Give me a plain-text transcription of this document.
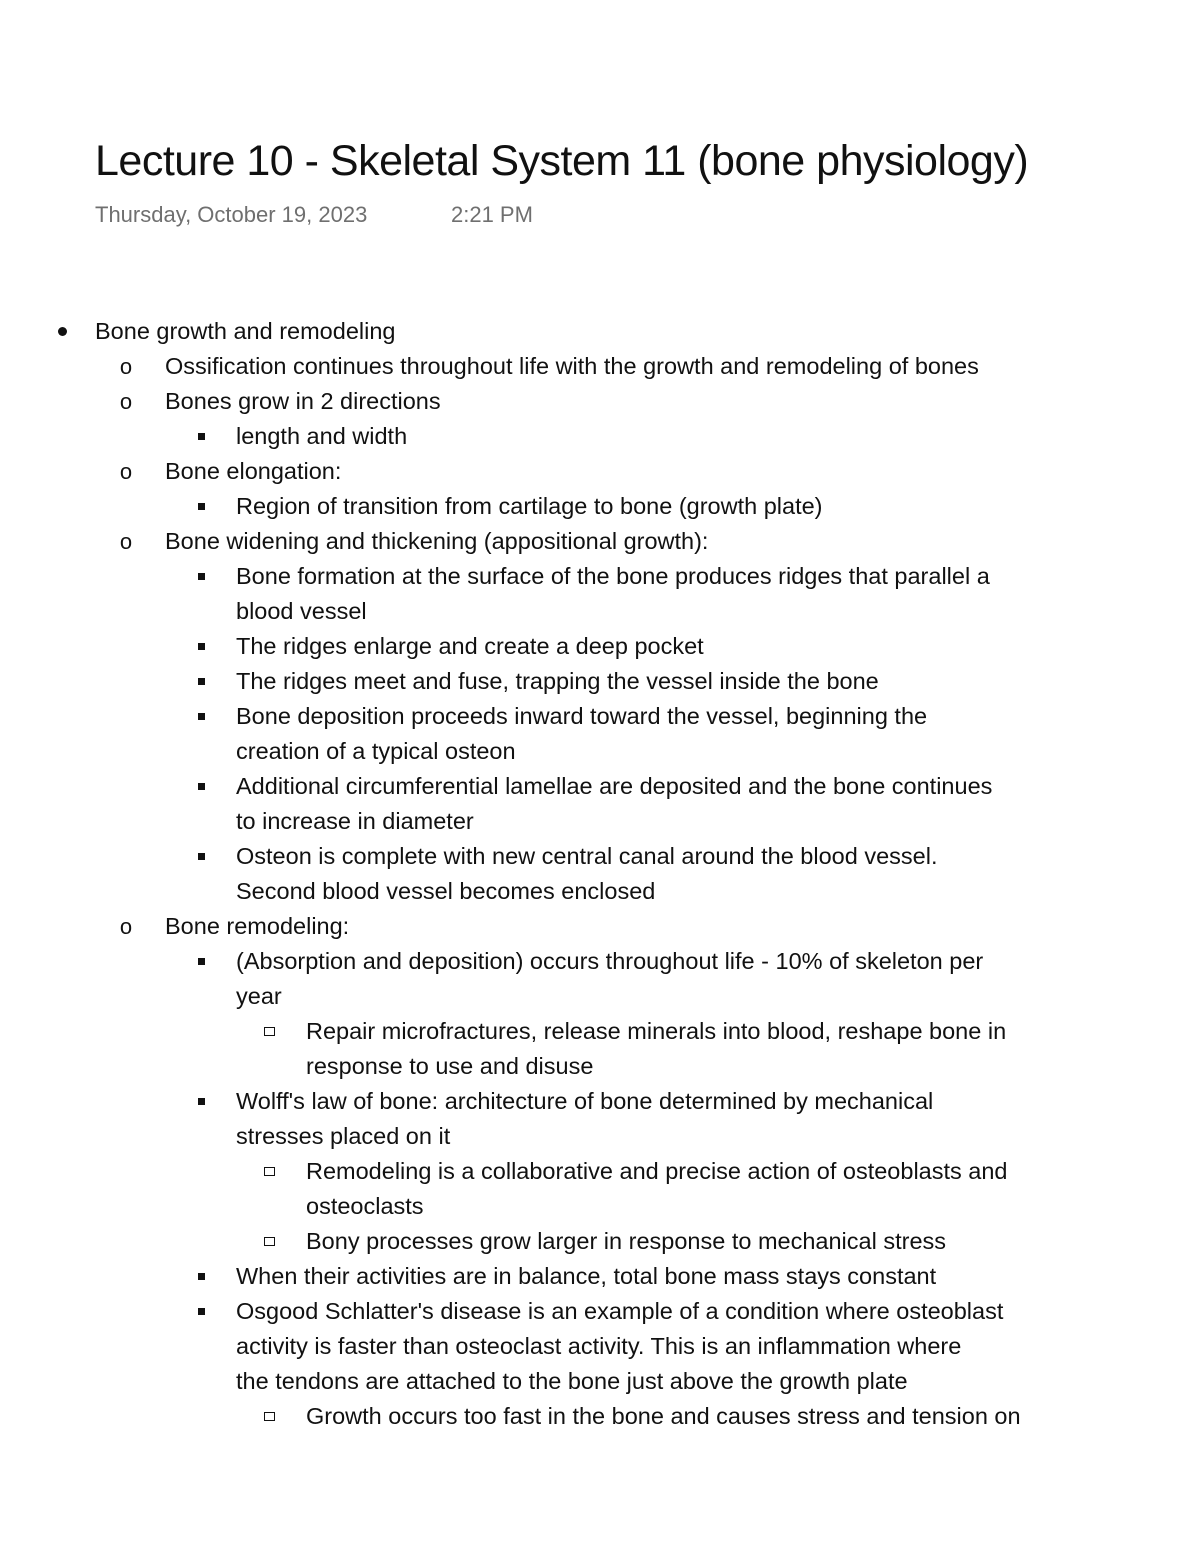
Lecture 10 - Skeletal System 11 (bone physiology)
Thursday, October 19, 2023	2:21 PM
Bone growth and remodeling
o Ossification continues throughout life with the growth and remodeling of bones
o Bones grow in 2 directions
length and width
o Bone elongation:
Region of transition from cartilage to bone (growth plate)
o Bone widening and thickening (appositional growth):
Bone formation at the surface of the bone produces ridges that parallel a
blood vessel
The ridges enlarge and create a deep pocket
The ridges meet and fuse, trapping the vessel inside the bone
Bone deposition proceeds inward toward the vessel, beginning the
creation of a typical osteon
Additional circumferential lamellae are deposited and the bone continues
to increase in diameter
Osteon is complete with new central canal around the blood vessel.
Second blood vessel becomes enclosed
o Bone remodeling:
(Absorption and deposition) occurs throughout life - 10% of skeleton per
year
Repair microfractures, release minerals into blood, reshape bone in
response to use and disuse
Wolff's law of bone: architecture of bone determined by mechanical
stresses placed on it
Remodeling is a collaborative and precise action of osteoblasts and
osteoclasts
Bony processes grow larger in response to mechanical stress
When their activities are in balance, total bone mass stays constant
Osgood Schlatter's disease is an example of a condition where osteoblast
activity is faster than osteoclast activity. This is an inflammation where
the tendons are attached to the bone just above the growth plate
Growth occurs too fast in the bone and causes stress and tension on
